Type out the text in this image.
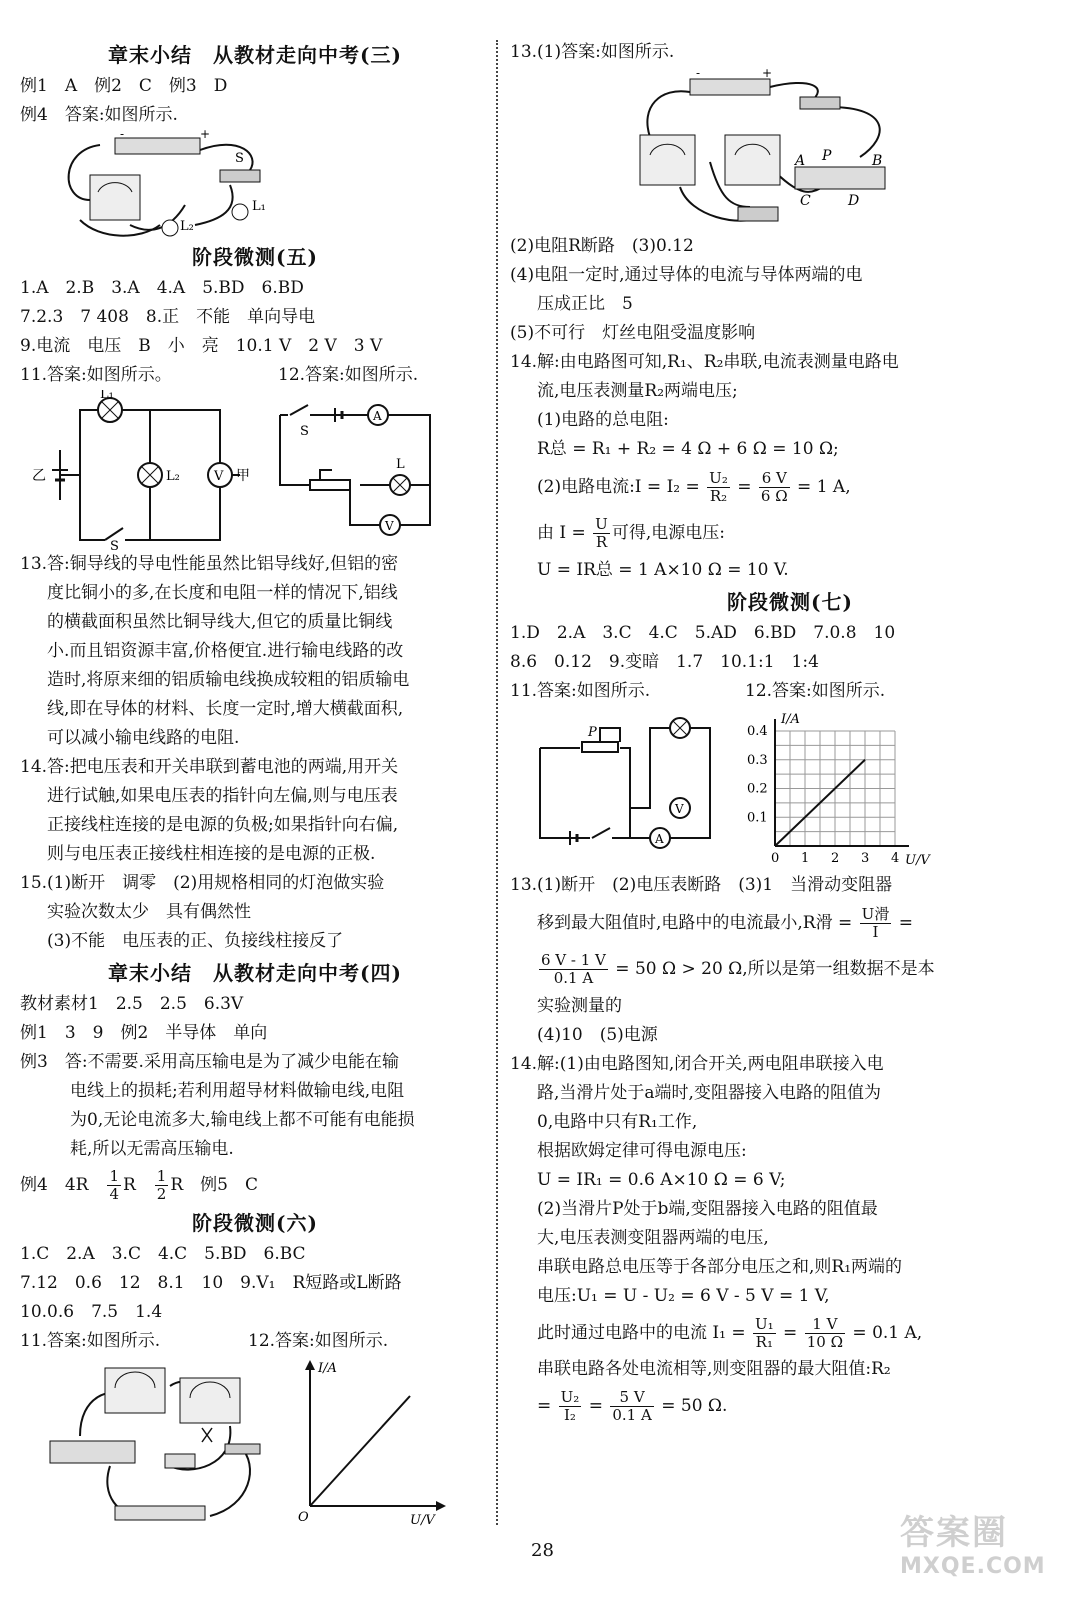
章末小结　从教材走向中考(三)
例1　A　例2　C　例3　D
例4　答案:如图所示.
-	+
S
L₁
L₂
阶段微测(五)
1.A　2.B　3.A　4.A　5.BD　6.BD
7.2.3　7 408　8.正　不能　单向导电
9.电流　电压　B　小　亮　10.1 V　2 V　3 V
11.答案:如图所示。	12.答案:如图所示.
L₁
L₂	V 甲
乙
S
S
A
L
V
13.答:铜导线的导电性能虽然比铝导线好,但铝的密
度比铜小的多,在长度和电阻一样的情况下,铝线
的横截面积虽然比铜导线大,但它的质量比铜线
小.而且铝资源丰富,价格便宜.进行输电线路的改
造时,将原来细的铝质输电线换成较粗的铝质输电
线,即在导体的材料、长度一定时,增大横截面积,
可以减小输电线路的电阻.
14.答:把电压表和开关串联到蓄电池的两端,用开关
进行试触,如果电压表的指针向左偏,则与电压表
正接线柱连接的是电源的负极;如果指针向右偏,
则与电压表正接线柱相连接的是电源的正极.
15.(1)断开　调零　(2)用规格相同的灯泡做实验
实验次数太少　具有偶然性
(3)不能　电压表的正、负接线柱接反了
章末小结　从教材走向中考(四)
教材素材1　2.5　2.5　6.3V
例1　3　9　例2　半导体　单向
例3　答:不需要.采用高压输电是为了减少电能在输
电线上的损耗;若利用超导材料做输电线,电阻
为0,无论电流多大,输电线上都不可能有电能损
耗,所以无需高压输电.
例4　4R　 $\frac{1}{4}$ R　 $\frac{1}{2}$ R　例5　C
阶段微测(六)
1.C　2.A　3.C　4.C　5.BD　6.BC
7.12　0.6　12　8.1　10　9.V₁　R短路或L断路
10.0.6　7.5　1.4
11.答案:如图所示.	12.答案:如图所示.
I/A
U/V
O
13.(1)答案:如图所示.
-	+
A P	B
C	D
(2)电阻R断路　(3)0.12
(4)电阻一定时,通过导体的电流与导体两端的电
压成正比　5
(5)不可行　灯丝电阻受温度影响
14.解:由电路图可知,R₁、R₂串联,电流表测量电路电
流,电压表测量R₂两端电压;
(1)电路的总电阻:
R总 = R₁ + R₂ = 4 Ω + 6 Ω = 10 Ω;
(2)电路电流:I = $I_2 = \frac{\text{U₂}}{\text{R₂}} = \frac{6 V}{6 \Omega} = 1$ A,
由 $I = \frac{U}{R}$ 可得,电源电压:
U = IR总 = 1 A×10 Ω = 10 V.
阶段微测(七)
1.D　2.A　3.C　4.C　5.AD　6.BD　7.0.8　10
8.6　0.12　9.变暗　1.7　10.1:1　1:4
11.答案:如图所示.	12.答案:如图所示.
P
V
A
0 1 2 3 4
0.1
0.2
0.3
0.4
I/A
U/V
13.(1)断开　(2)电压表断路　(3)1　当滑动变阻器
移到最大阻值时,电路中的电流最小,R滑 = $\frac{\text{U滑}}{I}$ =
$\frac{6 V - 1 V}{0.1 A} = 50$ Ω > 20 Ω,所以是第一组数据不是本
实验测量的
(4)10　(5)电源
14.解:(1)由电路图知,闭合开关,两电阻串联接入电
路,当滑片处于a端时,变阻器接入电路的阻值为
0,电路中只有R₁工作,
根据欧姆定律可得电源电压:
U = IR₁ = 0.6 A×10 Ω = 6 V;
(2)当滑片P处于b端,变阻器接入电路的阻值最
大,电压表测变阻器两端的电压,
串联电路总电压等于各部分电压之和,则R₁两端的
电压:U₁ = U - U₂ = 6 V - 5 V = 1 V,
此时通过电路中的电流 $I_1 = \frac{\text{U₁}}{\text{R₁}} = \frac{1 V}{10 \Omega} = 0.1$ A,
串联电路各处电流相等,则变阻器的最大阻值:R₂
= $\frac{\text{U₂}}{\text{I₂}} = \frac{5 V}{0.1 A} = 50$ Ω.
28	答案圈
MXQE.COM
